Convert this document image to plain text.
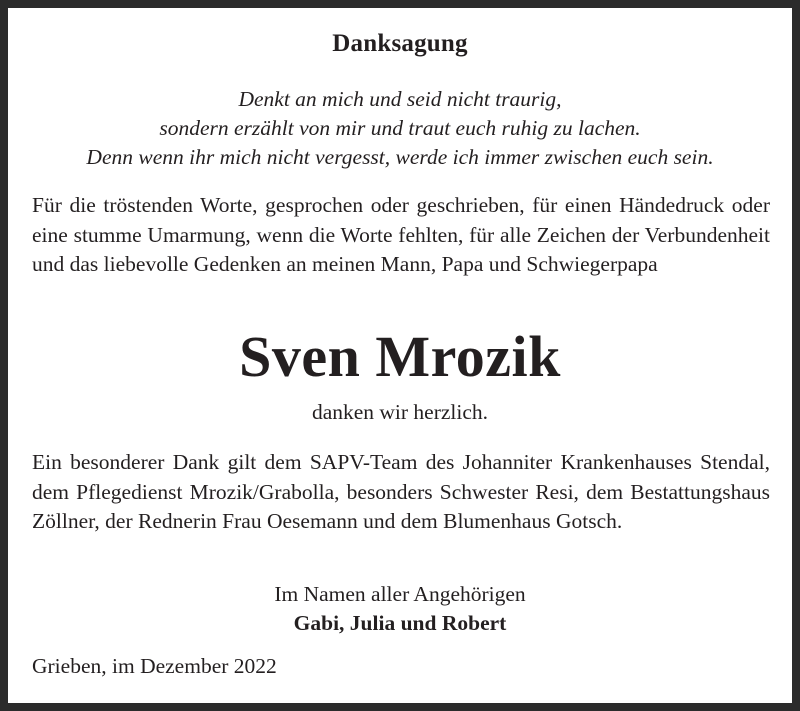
Danksagung
Denkt an mich und seid nicht traurig,
sondern erzählt von mir und traut euch ruhig zu lachen.
Denn wenn ihr mich nicht vergesst, werde ich immer zwischen euch sein.
Für die tröstenden Worte, gesprochen oder geschrieben, für einen Händedruck oder eine stumme Umarmung, wenn die Worte fehlten, für alle Zeichen der Verbundenheit und das liebevolle Gedenken an meinen Mann, Papa und Schwiegerpapa
Sven Mrozik
danken wir herzlich.
Ein besonderer Dank gilt dem SAPV-Team des Johanniter Krankenhauses Stendal, dem Pflegedienst Mrozik/Grabolla, besonders Schwester Resi, dem Bestattungshaus Zöllner, der Rednerin Frau Oesemann und dem Blumenhaus Gotsch.
Im Namen aller Angehörigen
Gabi, Julia und Robert
Grieben, im Dezember 2022
